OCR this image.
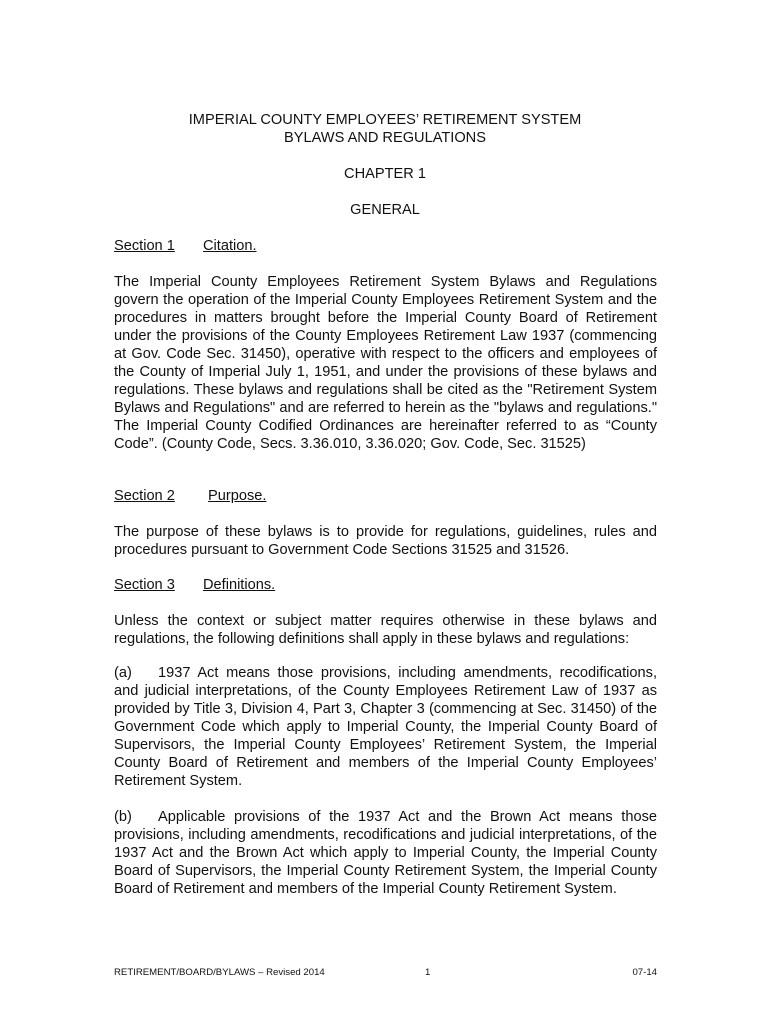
IMPERIAL COUNTY EMPLOYEES’ RETIREMENT SYSTEM
BYLAWS AND REGULATIONS
CHAPTER 1
GENERAL
Section 1 Citation.

The Imperial County Employees Retirement System Bylaws and Regulations govern the operation of the Imperial County Employees Retirement System and the procedures in matters brought before the Imperial County Board of Retirement under the provisions of the County Employees Retirement Law 1937 (commencing at Gov. Code Sec. 31450), operative with respect to the officers and employees of the County of Imperial July 1, 1951, and under the provisions of these bylaws and regulations. These bylaws and regulations shall be cited as the "Retirement System Bylaws and Regulations" and are referred to herein as the "bylaws and regulations." The Imperial County Codified Ordinances are hereinafter referred to as “County Code”. (County Code, Secs. 3.36.010, 3.36.020; Gov. Code, Sec. 31525)

Section 2 Purpose.

The purpose of these bylaws is to provide for regulations, guidelines, rules and procedures pursuant to Government Code Sections 31525 and 31526.

Section 3 Definitions.

Unless the context or subject matter requires otherwise in these bylaws and regulations, the following definitions shall apply in these bylaws and regulations:

(a) 1937 Act means those provisions, including amendments, recodifications, and judicial interpretations, of the County Employees Retirement Law of 1937 as provided by Title 3, Division 4, Part 3, Chapter 3 (commencing at Sec. 31450) of the Government Code which apply to Imperial County, the Imperial County Board of Supervisors, the Imperial County Employees’ Retirement System, the Imperial County Board of Retirement and members of the Imperial County Employees’ Retirement System.

(b) Applicable provisions of the 1937 Act and the Brown Act means those provisions, including amendments, recodifications and judicial interpretations, of the 1937 Act and the Brown Act which apply to Imperial County, the Imperial County Board of Supervisors, the Imperial County Retirement System, the Imperial County Board of Retirement and members of the Imperial County Retirement System.

RETIREMENT/BOARD/BYLAWS – Revised 2014	1	07-14
